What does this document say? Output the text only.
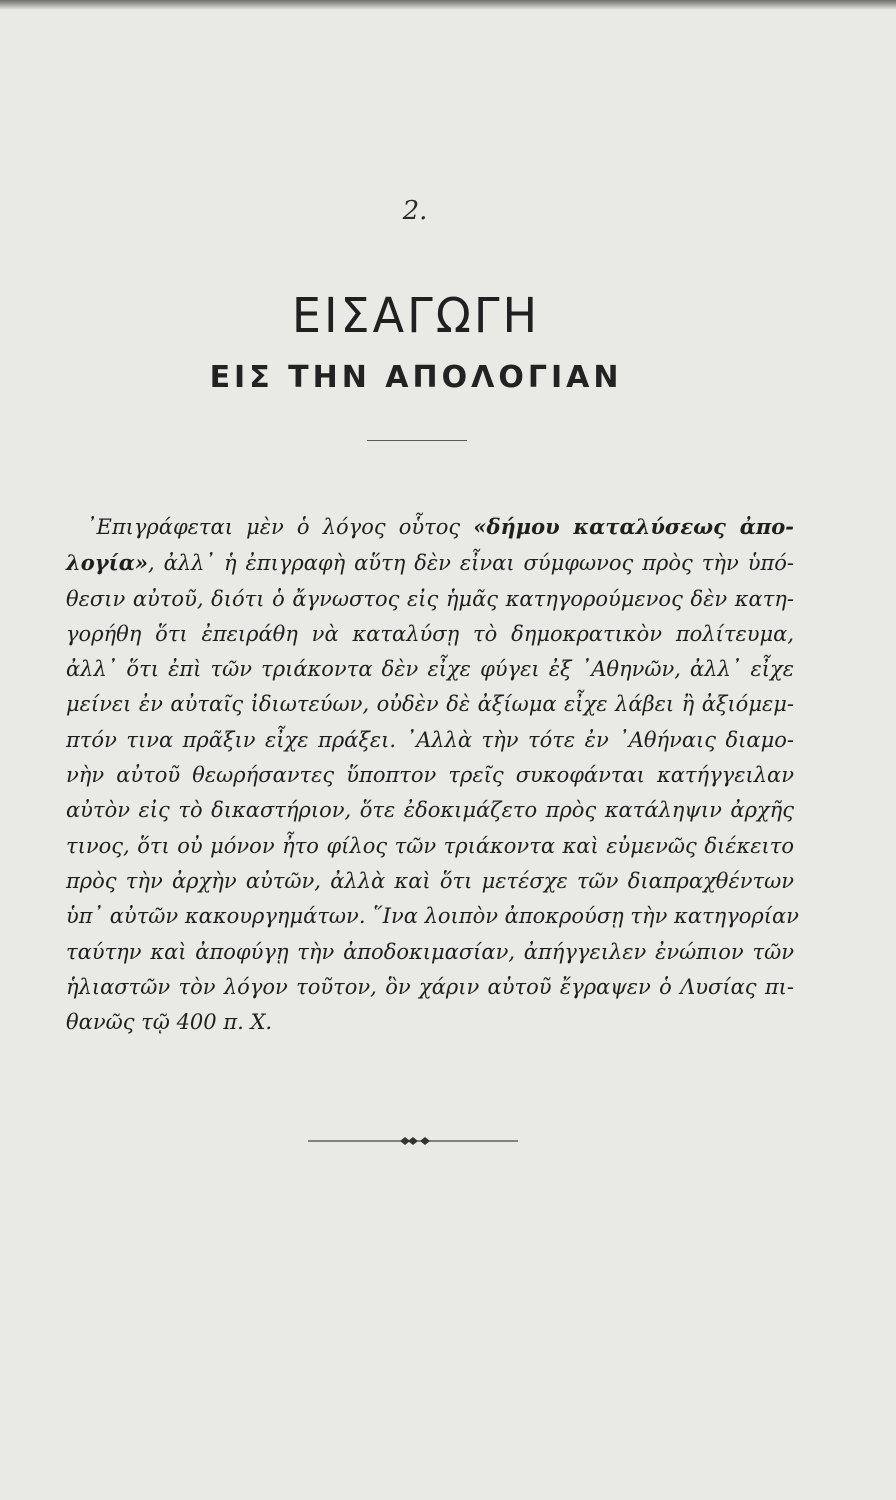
2.
ΕΙΣΑΓΩΓΗ
ΕΙΣ ΤΗΝ ΑΠΟΛΟΓΙΑΝ
᾿Επιγράφεται μὲν ὁ λόγος οὗτος «δήμου καταλύσεως ἀπο-
λογία», ἀλλ᾿ ἡ ἐπιγραφὴ αὕτη δὲν εἶναι σύμφωνος πρὸς τὴν ὑπό-
θεσιν αὐτοῦ, διότι ὁ ἄγνωστος εἰς ἡμᾶς κατηγορούμενος δὲν κατη-
γορήθη ὅτι ἐπειράθη νὰ καταλύσῃ τὸ δημοκρατικὸν πολίτευμα,
ἀλλ᾿ ὅτι ἐπὶ τῶν τριάκοντα δὲν εἶχε φύγει ἐξ ᾿Αθηνῶν, ἀλλ᾿ εἶχε
μείνει ἐν αὐταῖς ἰδιωτεύων, οὐδὲν δὲ ἀξίωμα εἶχε λάβει ἢ ἀξιόμεμ-
πτόν τινα πρᾶξιν εἶχε πράξει. ᾿Αλλὰ τὴν τότε ἐν ᾿Αθήναις διαμο-
νὴν αὐτοῦ θεωρήσαντες ὕποπτον τρεῖς συκοφάνται κατήγγειλαν
αὐτὸν εἰς τὸ δικαστήριον, ὅτε ἐδοκιμάζετο πρὸς κατάληψιν ἀρχῆς
τινος, ὅτι οὐ μόνον ἦτο φίλος τῶν τριάκοντα καὶ εὐμενῶς διέκειτο
πρὸς τὴν ἀρχὴν αὐτῶν, ἀλλὰ καὶ ὅτι μετέσχε τῶν διαπραχθέντων
ὑπ᾿ αὐτῶν κακουργημάτων. ῞Ινα λοιπὸν ἀποκρούσῃ τὴν κατηγορίαν
ταύτην καὶ ἀποφύγῃ τὴν ἀποδοκιμασίαν, ἀπήγγειλεν ἐνώπιον τῶν
ἡλιαστῶν τὸν λόγον τοῦτον, ὃν χάριν αὐτοῦ ἔγραψεν ὁ Λυσίας πι-
θανῶς τῷ 400 π. Χ.
